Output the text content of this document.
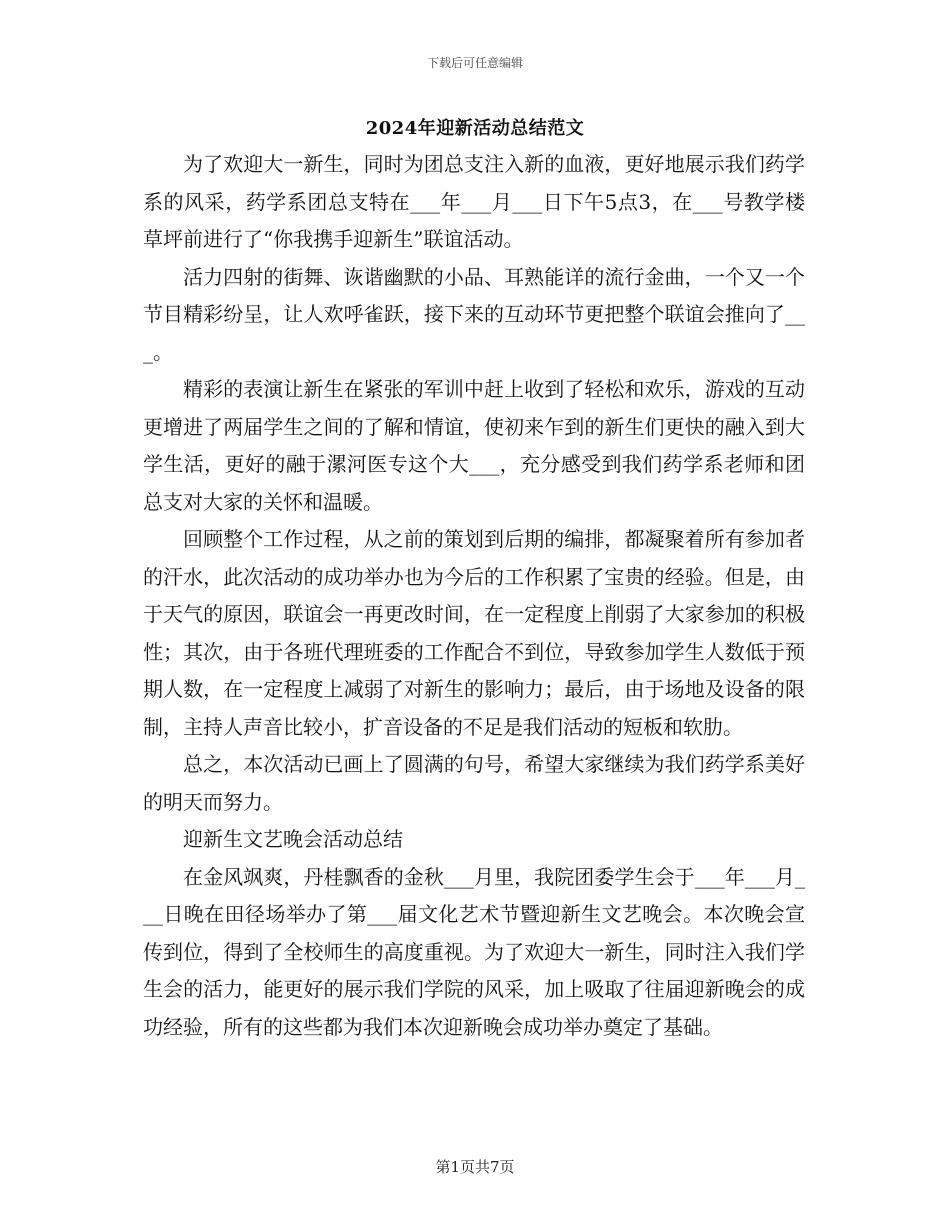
下载后可任意编辑
2024年迎新活动总结范文

为了欢迎大一新生，同时为团总支注入新的血液，更好地展示我们药学系的风采，药学系团总支特在___年___月___日下午5点3，在___号教学楼草坪前进行了“你我携手迎新生”联谊活动。

活力四射的街舞、诙谐幽默的小品、耳熟能详的流行金曲，一个又一个节目精彩纷呈，让人欢呼雀跃，接下来的互动环节更把整个联谊会推向了___。

精彩的表演让新生在紧张的军训中赶上收到了轻松和欢乐，游戏的互动更增进了两届学生之间的了解和情谊，使初来乍到的新生们更快的融入到大学生活，更好的融于漯河医专这个大___，充分感受到我们药学系老师和团总支对大家的关怀和温暖。

回顾整个工作过程，从之前的策划到后期的编排，都凝聚着所有参加者的汗水，此次活动的成功举办也为今后的工作积累了宝贵的经验。但是，由于天气的原因，联谊会一再更改时间，在一定程度上削弱了大家参加的积极性；其次，由于各班代理班委的工作配合不到位，导致参加学生人数低于预期人数，在一定程度上减弱了对新生的影响力；最后，由于场地及设备的限制，主持人声音比较小，扩音设备的不足是我们活动的短板和软肋。

总之，本次活动已画上了圆满的句号，希望大家继续为我们药学系美好的明天而努力。

迎新生文艺晚会活动总结

在金风飒爽，丹桂飘香的金秋___月里，我院团委学生会于___年___月___日晚在田径场举办了第___届文化艺术节暨迎新生文艺晚会。本次晚会宣传到位，得到了全校师生的高度重视。为了欢迎大一新生，同时注入我们学生会的活力，能更好的展示我们学院的风采，加上吸取了往届迎新晚会的成功经验，所有的这些都为我们本次迎新晚会成功举办奠定了基础。

第1页共7页
